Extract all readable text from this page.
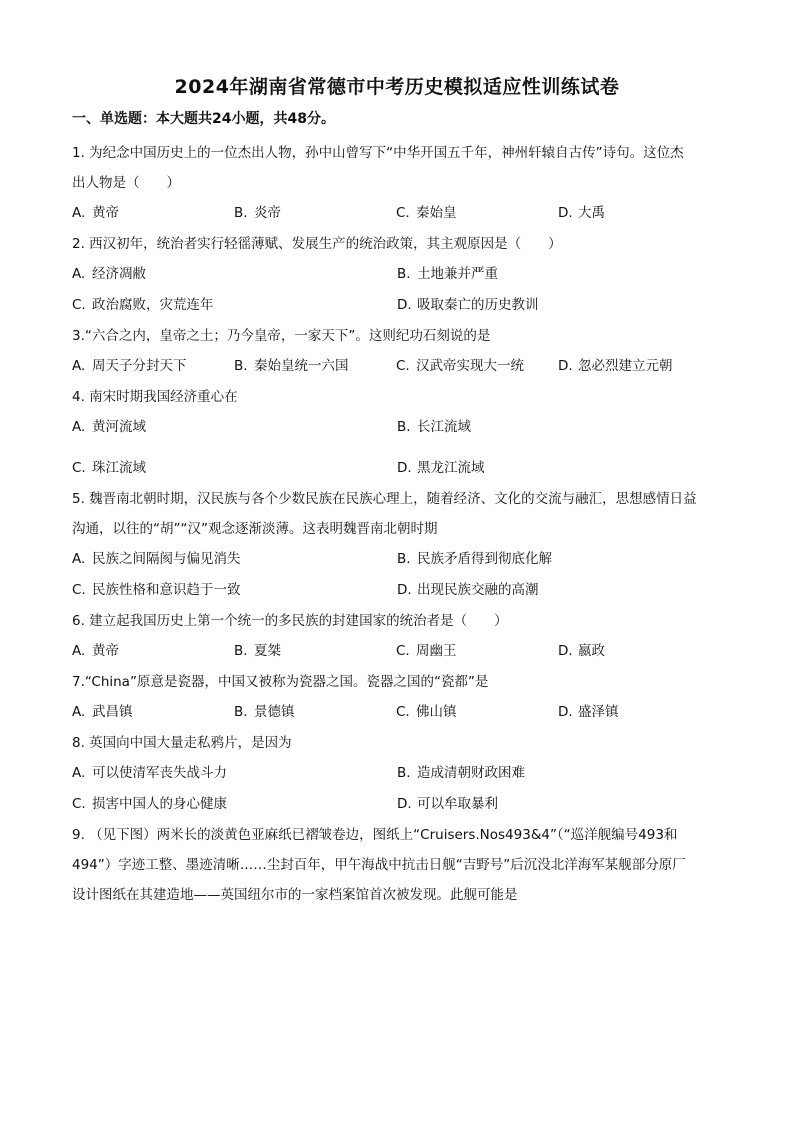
2024年湖南省常德市中考历史模拟适应性训练试卷
一、单选题：本大题共24小题，共48分。

1. 为纪念中国历史上的一位杰出人物，孙中山曾写下“中华开国五千年，神州轩辕自古传”诗句。这位杰

出人物是（　　）

A. 黄帝	B. 炎帝	C. 秦始皇	D. 大禹

2. 西汉初年，统治者实行轻徭薄赋、发展生产的统治政策，其主观原因是（　　）

A. 经济凋敝	B. 土地兼并严重
C. 政治腐败，灾荒连年	D. 吸取秦亡的历史教训

3.“六合之内，皇帝之土；乃今皇帝，一家天下”。这则纪功石刻说的是

A. 周天子分封天下	B. 秦始皇统一六国	C. 汉武帝实现大一统	D. 忽必烈建立元朝

4. 南宋时期我国经济重心在

A. 黄河流域	B. 长江流域
C. 珠江流域	D. 黑龙江流域

5. 魏晋南北朝时期，汉民族与各个少数民族在民族心理上，随着经济、文化的交流与融汇，思想感情日益

沟通，以往的“胡”“汉”观念逐渐淡薄。这表明魏晋南北朝时期

A. 民族之间隔阂与偏见消失	B. 民族矛盾得到彻底化解
C. 民族性格和意识趋于一致	D. 出现民族交融的高潮

6. 建立起我国历史上第一个统一的多民族的封建国家的统治者是（　　）

A. 黄帝	B. 夏桀	C. 周幽王	D. 嬴政

7.“China”原意是瓷器，中国又被称为瓷器之国。瓷器之国的“瓷都”是

A. 武昌镇	B. 景德镇	C. 佛山镇	D. 盛泽镇

8. 英国向中国大量走私鸦片，是因为

A. 可以使清军丧失战斗力	B. 造成清朝财政困难
C. 损害中国人的身心健康	D. 可以牟取暴利

9. （见下图）两米长的淡黄色亚麻纸已褶皱卷边，图纸上“Cruisers.Nos493&4”（“巡洋舰编号493和

494”）字迹工整、墨迹清晰……尘封百年，甲午海战中抗击日舰“吉野号”后沉没北洋海军某舰部分原厂

设计图纸在其建造地——英国纽尔市的一家档案馆首次被发现。此舰可能是
